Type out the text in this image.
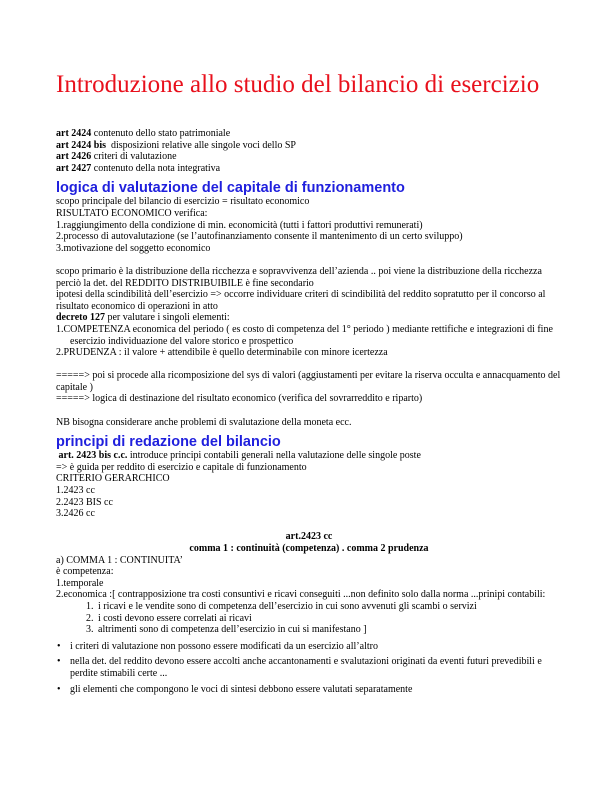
Introduzione allo studio del bilancio di esercizio

art 2424 contenuto dello stato patrimoniale

art 2424 bis disposizioni relative alle singole voci dello SP

art 2426 criteri di valutazione

art 2427 contenuto della nota integrativa

logica di valutazione del capitale di funzionamento

scopo principale del bilancio di esercizio = risultato economico

RISULTATO ECONOMICO verifica:

1.raggiungimento della condizione di min. economicità (tutti i fattori produttivi remunerati)

2.processo di autovalutazione (se l’autofinanziamento consente il mantenimento di un certo sviluppo)

3.motivazione del soggetto economico

scopo primario è la distribuzione della ricchezza e sopravvivenza dell’azienda .. poi viene la distribuzione della ricchezza perciò la det. del REDDITO DISTRIBUIBILE è fine secondario

ipotesi della scindibilità dell’esercizio => occorre individuare criteri di scindibilità del reddito sopratutto per il concorso al risultato economico di operazioni in atto

decreto 127 per valutare i singoli elementi:

1.COMPETENZA economica del periodo ( es costo di competenza del 1° periodo ) mediante rettifiche e integrazioni di fine esercizio individuazione del valore storico e prospettico

2.PRUDENZA : il valore + attendibile è quello determinabile con minore icertezza

=====> poi si procede alla ricomposizione del sys di valori (aggiustamenti per evitare la riserva occulta e annacquamento del capitale )

=====> logica di destinazione del risultato economico (verifica del sovrarreddito e riparto)

NB bisogna considerare anche problemi di svalutazione della moneta ecc.

principi di redazione del bilancio

art. 2423 bis c.c. introduce principi contabili generali nella valutazione delle singole poste

=> è guida per reddito di esercizio e capitale di funzionamento

CRITERIO GERARCHICO

1.2423 cc

2.2423 BIS cc

3.2426 cc

art.2423 cc

comma 1 : continuità (competenza) . comma 2 prudenza

a) COMMA 1 : CONTINUITA’

è competenza:

1.temporale

2.economica :[ contrapposizione tra costi consuntivi e ricavi conseguiti ...non definito solo dalla norma ...prinipi contabili:

1. i ricavi e le vendite sono di competenza dell’esercizio in cui sono avvenuti gli scambi o servizi
2. i costi devono essere correlati ai ricavi
3. altrimenti sono di competenza dell’esercizio in cui si manifestano ]
• i criteri di valutazione non possono essere modificati da un esercizio all’altro
• nella det. del reddito devono essere accolti anche accantonamenti e svalutazioni originati da eventi futuri prevedibili e perdite stimabili certe ...
• gli elementi che compongono le voci di sintesi debbono essere valutati separatamente
